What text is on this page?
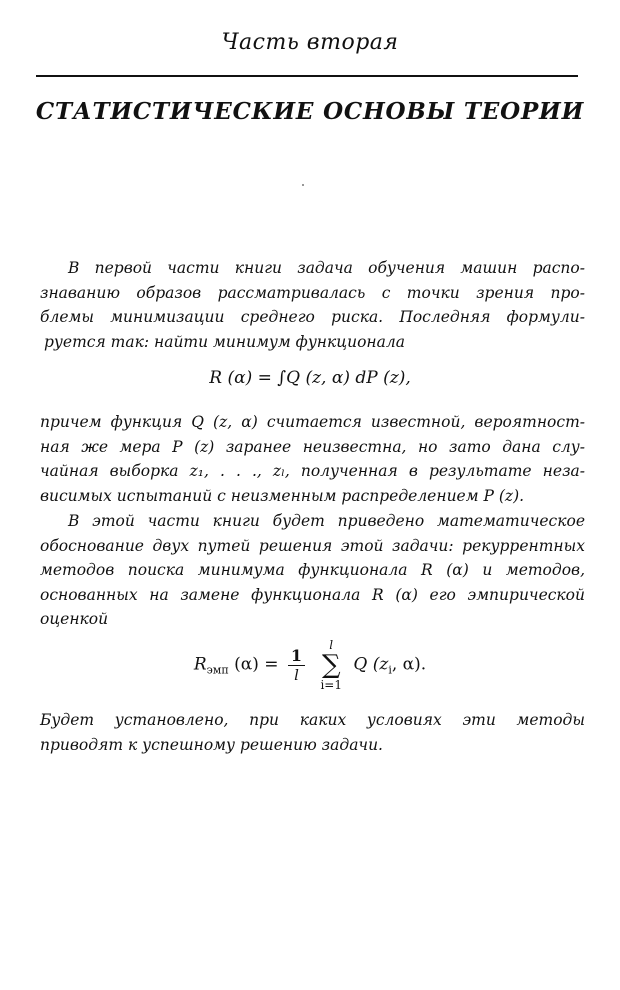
Часть вторая
СТАТИСТИЧЕСКИЕ ОСНОВЫ ТЕОРИИ
В первой части книги задача обучения машин распо-
знаванию образов рассматривалась с точки зрения про-
блемы минимизации среднего риска. Последняя формули-
руется так: найти минимум функционала
R (α) = ∫Q (z, α) dP (z),
причем функция Q (z, α) считается известной, вероятност-
ная же мера P (z) заранее неизвестна, но зато дана слу-
чайная выборка z₁, . . ., zₗ, полученная в результате неза-
висимых испытаний с неизменным распределением P (z).
В этой части книги будет приведено математическое
обоснование двух путей решения этой задачи: рекуррентных
методов поиска минимума функционала R (α) и методов,
основанных на замене функционала R (α) его эмпирической
оценкой
$R_{эмп}$ $(\alpha) = \frac{1}{l}$

l
∑
i=1
Q ($z_i$, α).
Будет установлено, при каких условиях эти методы
приводят к успешному решению задачи.
